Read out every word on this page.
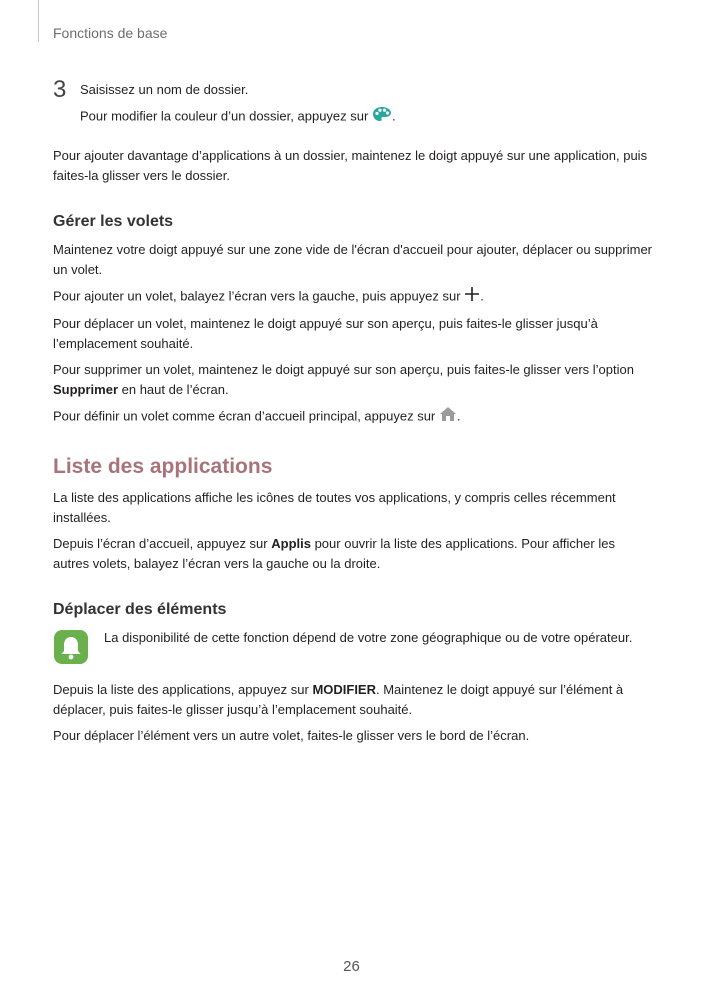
Fonctions de base
3 Saisissez un nom de dossier.

Pour modifier la couleur d’un dossier, appuyez sur .

Pour ajouter davantage d’applications à un dossier, maintenez le doigt appuyé sur une application, puis faites-la glisser vers le dossier.

Gérer les volets

Maintenez votre doigt appuyé sur une zone vide de l'écran d'accueil pour ajouter, déplacer ou supprimer un volet.

Pour ajouter un volet, balayez l’écran vers la gauche, puis appuyez sur .

Pour déplacer un volet, maintenez le doigt appuyé sur son aperçu, puis faites-le glisser jusqu’à l’emplacement souhaité.

Pour supprimer un volet, maintenez le doigt appuyé sur son aperçu, puis faites-le glisser vers l’option Supprimer en haut de l’écran.

Pour définir un volet comme écran d’accueil principal, appuyez sur .

Liste des applications

La liste des applications affiche les icônes de toutes vos applications, y compris celles récemment installées.

Depuis l’écran d’accueil, appuyez sur Applis pour ouvrir la liste des applications. Pour afficher les autres volets, balayez l’écran vers la gauche ou la droite.

Déplacer des éléments

La disponibilité de cette fonction dépend de votre zone géographique ou de votre opérateur.

Depuis la liste des applications, appuyez sur MODIFIER. Maintenez le doigt appuyé sur l’élément à déplacer, puis faites-le glisser jusqu’à l’emplacement souhaité.

Pour déplacer l’élément vers un autre volet, faites-le glisser vers le bord de l’écran.

26
